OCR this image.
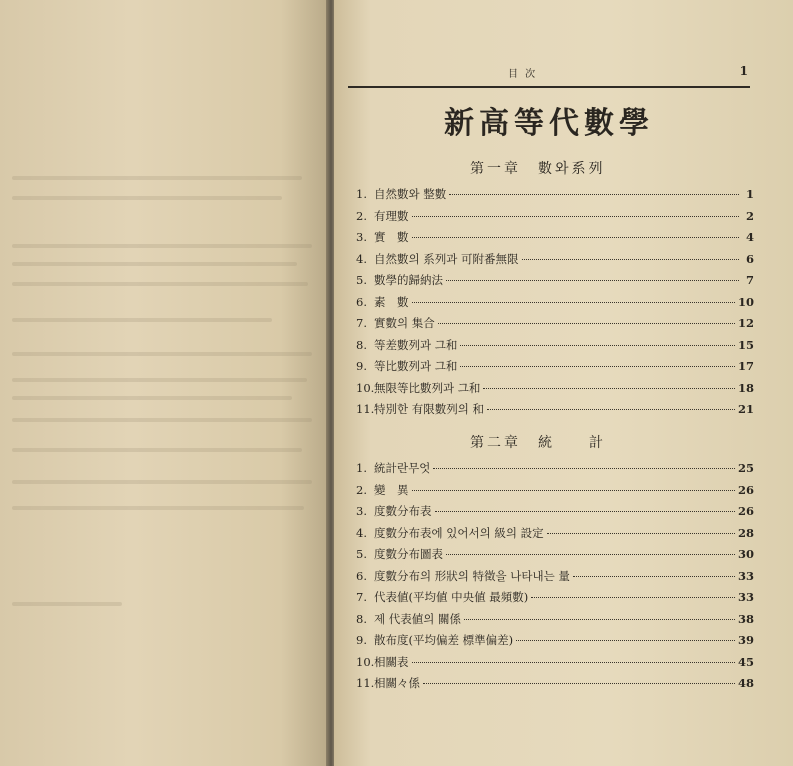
目 次	1
新高等代數學
第一章　數와系列
1. 自然數와 整數	1
2. 有理數	2
3. 實　數	4
4. 自然數의 系列과 可附番無限	6
5. 數學的歸納法	7
6. 素　數	10
7. 實數의 集合	12
8. 等差數列과 그和	15
9. 等比數列과 그和	17
10. 無限等比數列과 그和	18
11. 特別한 有限數列의 和	21
第二章　統　　計
1. 統計란무엇	25
2. 變　異	26
3. 度數分布表	26
4. 度數分布表에 있어서의 級의 設定	28
5. 度數分布圖表	30
6. 度數分布의 形狀의 特徵을 나타내는 量	33
7. 代表値(平均値 中央値 最頻數)	33
8. 제 代表値의 關係	38
9. 散布度(平均偏差 標準偏差)	39
10. 相關表	45
11. 相關々係	48
